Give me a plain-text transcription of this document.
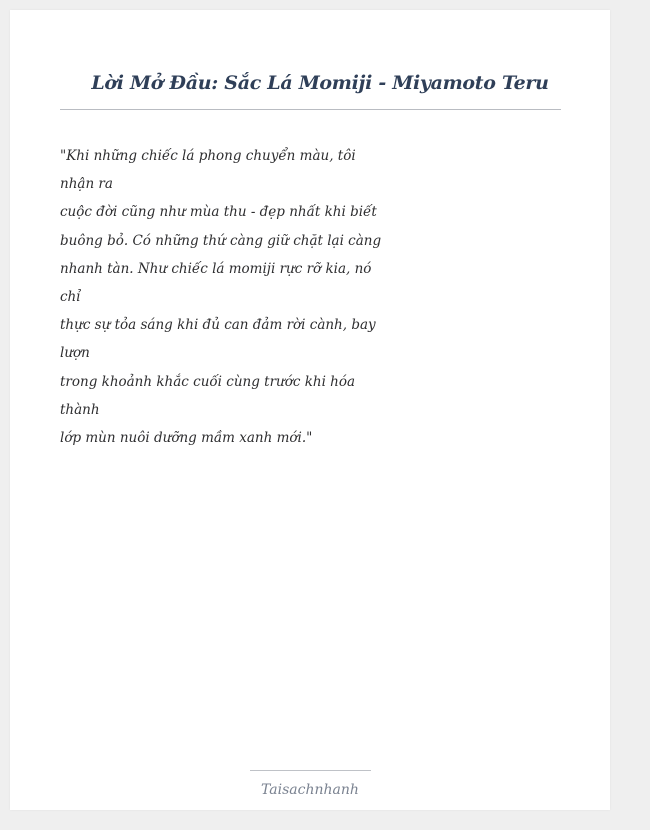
Lời Mở Đầu: Sắc Lá Momiji - Miyamoto Teru
"Khi những chiếc lá phong chuyển màu, tôi
nhận ra
cuộc đời cũng như mùa thu - đẹp nhất khi biết
buông bỏ. Có những thứ càng giữ chặt lại càng
nhanh tàn. Như chiếc lá momiji rực rỡ kia, nó
chỉ
thực sự tỏa sáng khi đủ can đảm rời cành, bay
lượn
trong khoảnh khắc cuối cùng trước khi hóa
thành
lớp mùn nuôi dưỡng mầm xanh mới."
Taisachnhanh
